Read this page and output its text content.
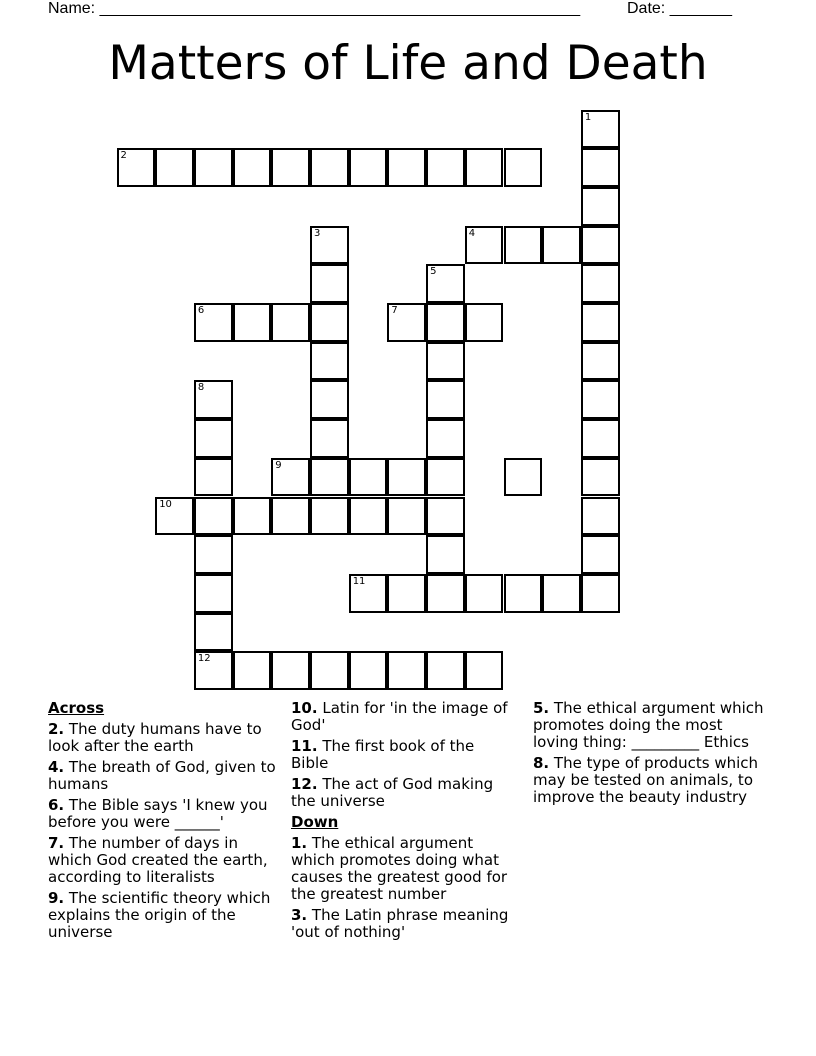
Name: ______________________________________________________	Date: _______
Matters of Life and Death
2
1
3	4
5
6	7
8
9
10
11
12
Across
2. The duty humans have to look after the earth
4. The breath of God, given to humans
6. The Bible says 'I knew you before you were ______'
7. The number of days in which God created the earth, according to literalists
9. The scientific theory which explains the origin of the universe
10. Latin for 'in the image of God'
11. The first book of the Bible
12. The act of God making the universe
Down
1. The ethical argument which promotes doing what causes the greatest good for the greatest number
3. The Latin phrase meaning 'out of nothing'
5. The ethical argument which promotes doing the most loving thing: _________ Ethics
8. The type of products which may be tested on animals, to improve the beauty industry
